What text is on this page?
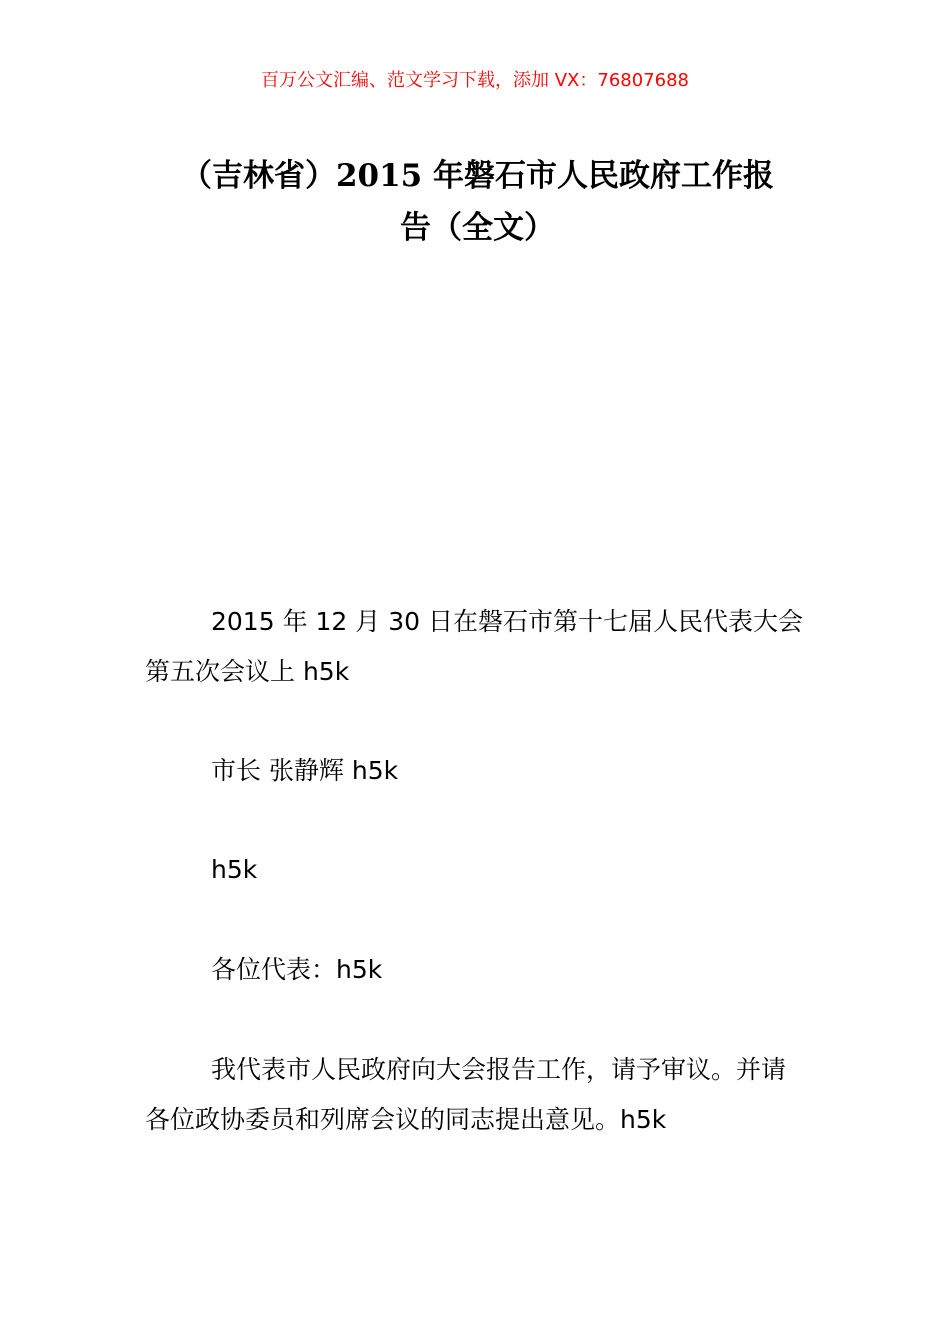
百万公文汇编、范文学习下载，添加 VX：76807688
（吉林省）2015 年磐石市人民政府工作报
告（全文）

2015 年 12 月 30 日在磐石市第十七届人民代表大会
第五次会议上 h5k

市长 张静辉 h5k

h5k

各位代表：h5k

我代表市人民政府向大会报告工作，请予审议。并请
各位政协委员和列席会议的同志提出意见。h5k
